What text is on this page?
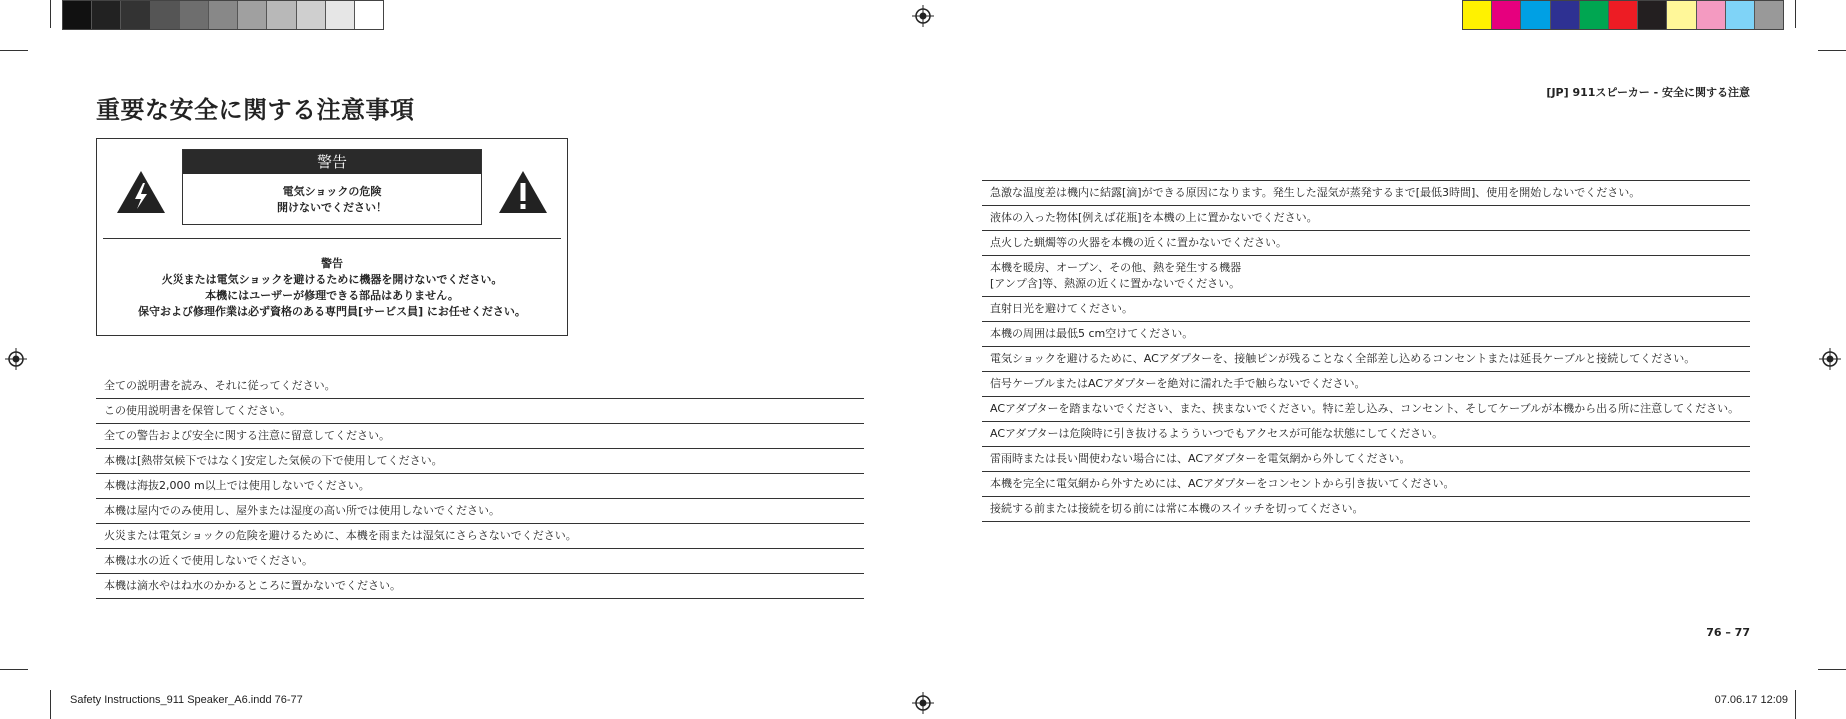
重要な安全に関する注意事項
[JP] 911スピーカー - 安全に関する注意
警告
電気ショックの危険
開けないでください！
警告
火災または電気ショックを避けるために機器を開けないでください。
本機にはユーザーが修理できる部品はありません。
保守および修理作業は必ず資格のある専門員[サービス員] にお任せください。
全ての説明書を読み、それに従ってください。
この使用説明書を保管してください。
全ての警告および安全に関する注意に留意してください。
本機は[熱帯気候下ではなく]安定した気候の下で使用してください。
本機は海抜2,000 m以上では使用しないでください。
本機は屋内でのみ使用し、屋外または湿度の高い所では使用しないでください。
火災または電気ショックの危険を避けるために、本機を雨または湿気にさらさないでください。
本機は水の近くで使用しないでください。
本機は滴水やはね水のかかるところに置かないでください。
急激な温度差は機内に結露[滴]ができる原因になります。発生した湿気が蒸発するまで[最低3時間]、使用を開始しないでください。
液体の入った物体[例えば花瓶]を本機の上に置かないでください。
点火した蝋燭等の火器を本機の近くに置かないでください。
本機を暖房、オーブン、その他、熱を発生する機器
[アンプ含]等、熱源の近くに置かないでください。
直射日光を避けてください。
本機の周囲は最低5 cm空けてください。
電気ショックを避けるために、ACアダプターを、接触ピンが残ることなく全部差し込めるコンセントまたは延長ケーブルと接続してください。
信号ケーブルまたはACアダプターを絶対に濡れた手で触らないでください。
ACアダプターを踏まないでください、また、挟まないでください。特に差し込み、コンセント、そしてケーブルが本機から出る所に注意してください。
ACアダプターは危険時に引き抜けるようういつでもアクセスが可能な状態にしてください。
雷雨時または長い間使わない場合には、ACアダプターを電気網から外してください。
本機を完全に電気網から外すためには、ACアダプターをコンセントから引き抜いてください。
接続する前または接続を切る前には常に本機のスイッチを切ってください。
76 – 77
Safety Instructions_911 Speaker_A6.indd 76-77	07.06.17 12:09
